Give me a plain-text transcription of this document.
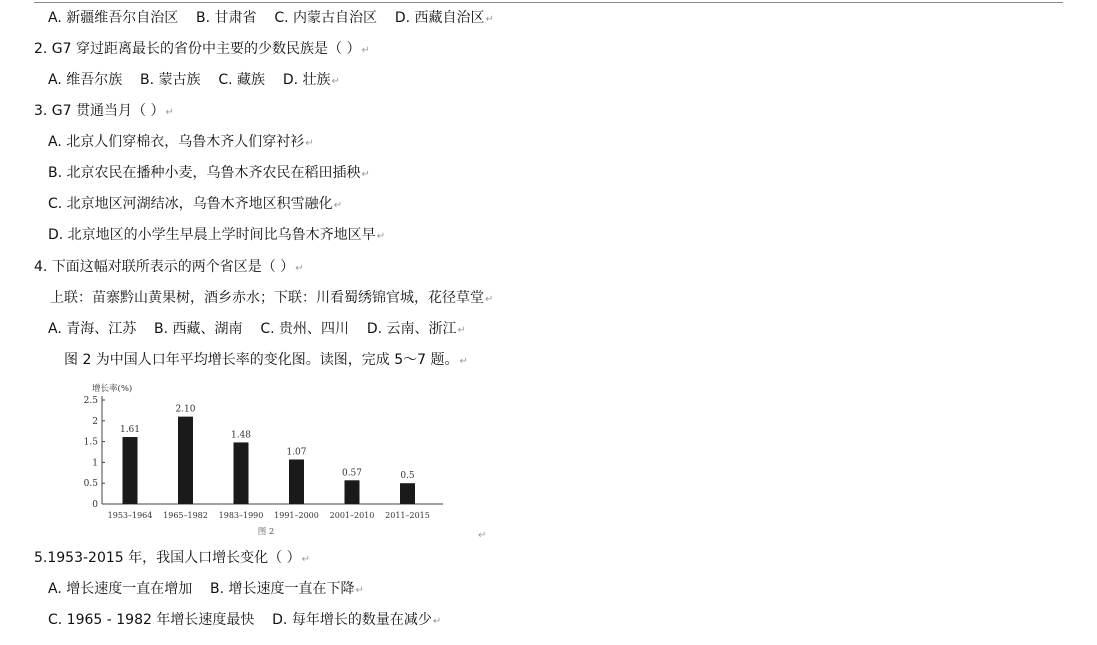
A. 新疆维吾尔自治区    B. 甘肃省    C. 内蒙古自治区    D. 西藏自治区↵
2. G7 穿过距离最长的省份中主要的少数民族是（ ）↵
A. 维吾尔族    B. 蒙古族    C. 藏族    D. 壮族↵
3. G7 贯通当月（ ）↵
A. 北京人们穿棉衣，乌鲁木齐人们穿衬衫↵
B. 北京农民在播种小麦，乌鲁木齐农民在稻田插秧↵
C. 北京地区河湖结冰，乌鲁木齐地区积雪融化↵
D. 北京地区的小学生早晨上学时间比乌鲁木齐地区早↵
4. 下面这幅对联所表示的两个省区是（ ）↵
上联：苗寨黔山黄果树，酒乡赤水；下联：川看蜀绣锦官城，花径草堂↵
A. 青海、江苏    B. 西藏、湖南    C. 贵州、四川    D. 云南、浙江↵
图 2 为中国人口年平均增长率的变化图。读图，完成 5～7 题。↵
增长率(%)
0
0.5
1
1.5
2
2.5
1.61
1953–1964
2.10
1965–1982
1.48
1983–1990
1.07
1991–2000
0.57
2001–2010
0.5
2011–2015
图 2	↵
5.1953-2015 年，我国人口增长变化（ ）↵
A. 增长速度一直在增加    B. 增长速度一直在下降↵
C. 1965 - 1982 年增长速度最快    D. 每年增长的数量在减少↵
